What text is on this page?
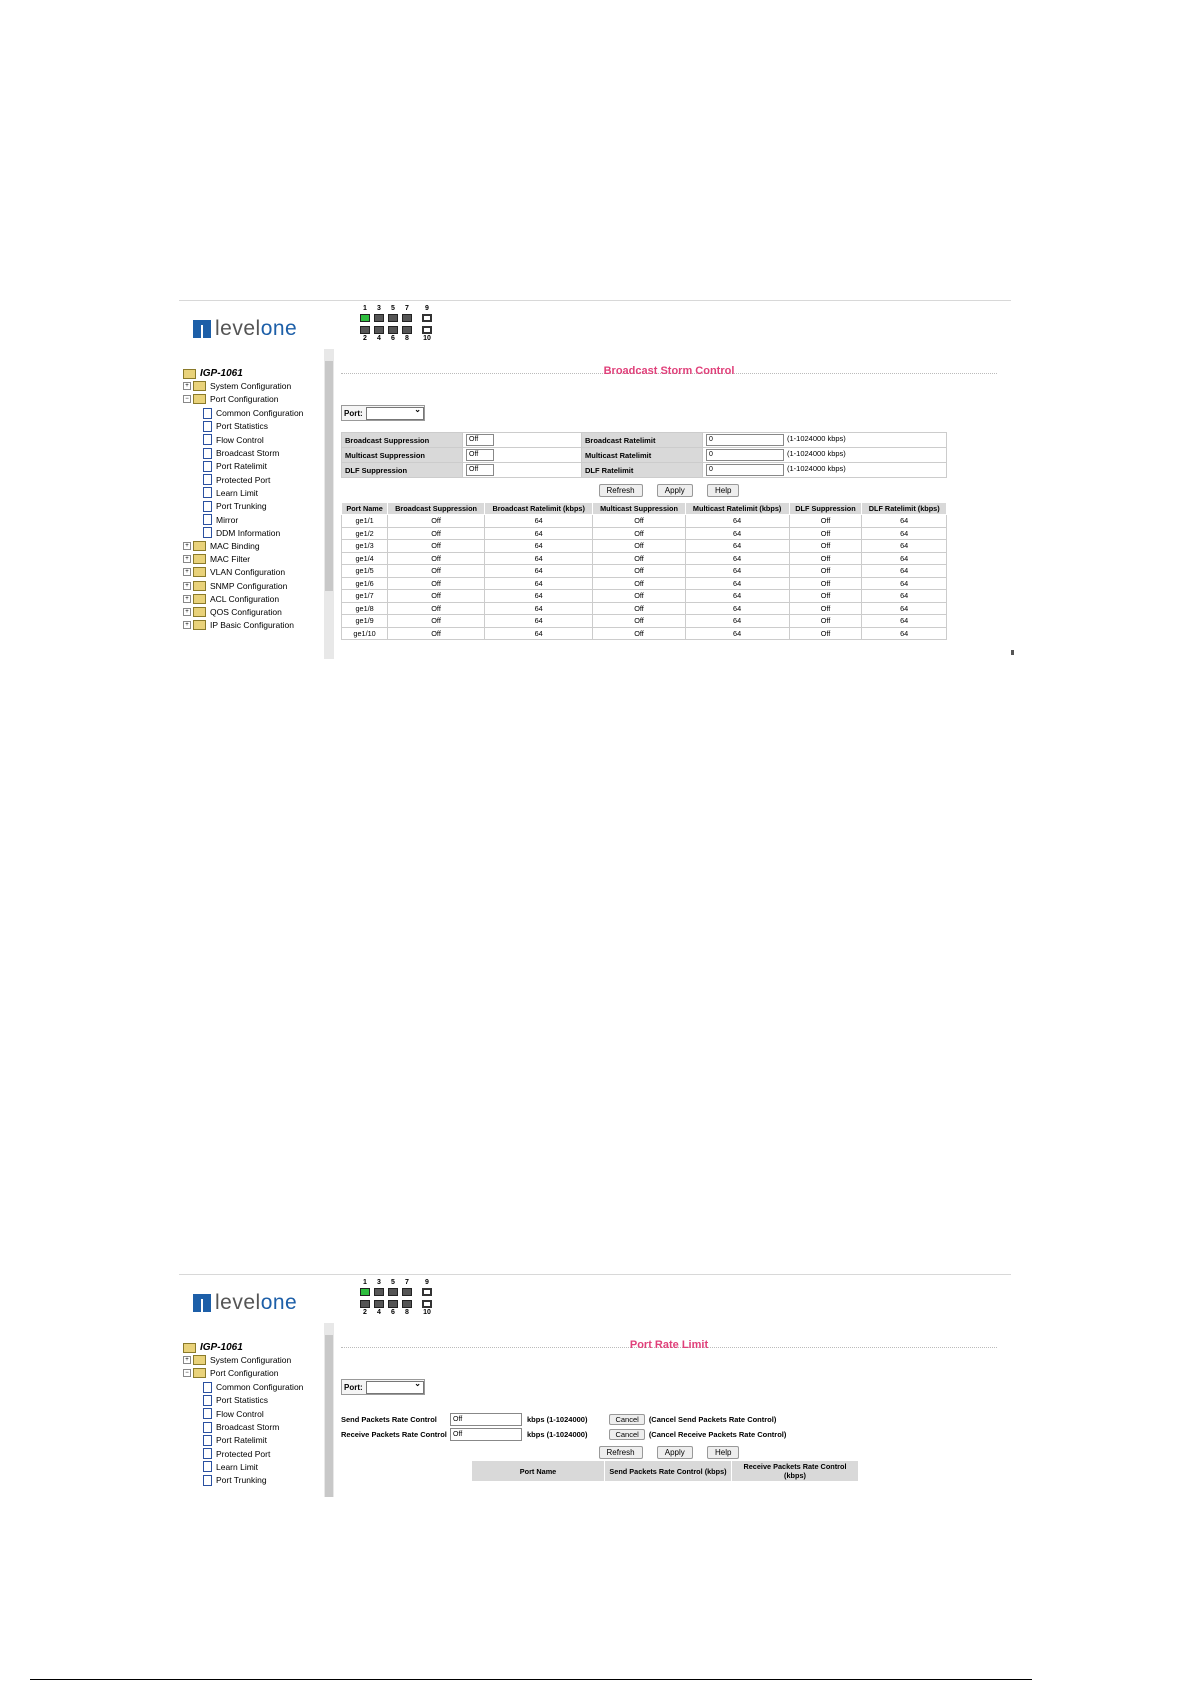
levelone
1	3	5	7	9
2	4	6	8	10
IGP-1061
+	System Configuration
−	Port Configuration
Common Configuration
Port Statistics
Flow Control
Broadcast Storm
Port Ratelimit
Protected Port
Learn Limit
Port Trunking
Mirror
DDM Information
+	MAC Binding
+	MAC Filter
+	VLAN Configuration
+	SNMP Configuration
+	ACL Configuration
+	QOS Configuration
+	IP Basic Configuration
Broadcast Storm Control
Port:
⌄
Broadcast Suppression	Off	Broadcast Ratelimit	0 (1-1024000 kbps)
Multicast Suppression	Off	Multicast Ratelimit	0 (1-1024000 kbps)
DLF Suppression	Off	DLF Ratelimit	0 (1-1024000 kbps)
Refresh	Apply	Help
Port Name	Broadcast Suppression	Broadcast Ratelimit (kbps)	Multicast Suppression	Multicast Ratelimit (kbps)	DLF Suppression	DLF Ratelimit (kbps)
ge1/1	Off	64	Off	64	Off	64
ge1/2	Off	64	Off	64	Off	64
ge1/3	Off	64	Off	64	Off	64
ge1/4	Off	64	Off	64	Off	64
ge1/5	Off	64	Off	64	Off	64
ge1/6	Off	64	Off	64	Off	64
ge1/7	Off	64	Off	64	Off	64
ge1/8	Off	64	Off	64	Off	64
ge1/9	Off	64	Off	64	Off	64
ge1/10	Off	64	Off	64	Off	64
levelone
1	3	5	7	9
2	4	6	8	10
IGP-1061
+	System Configuration
−	Port Configuration
Common Configuration
Port Statistics
Flow Control
Broadcast Storm
Port Ratelimit
Protected Port
Learn Limit
Port Trunking
Port Rate Limit
Port:
⌄
Send Packets Rate Control	Off	kbps (1-1024000)	Cancel	(Cancel Send Packets Rate Control)
Receive Packets Rate Control Off	kbps (1-1024000)	Cancel	(Cancel Receive Packets Rate Control)
Refresh	Apply	Help
Port Name	Send Packets Rate Control (kbps)	Receive Packets Rate Control (kbps)
